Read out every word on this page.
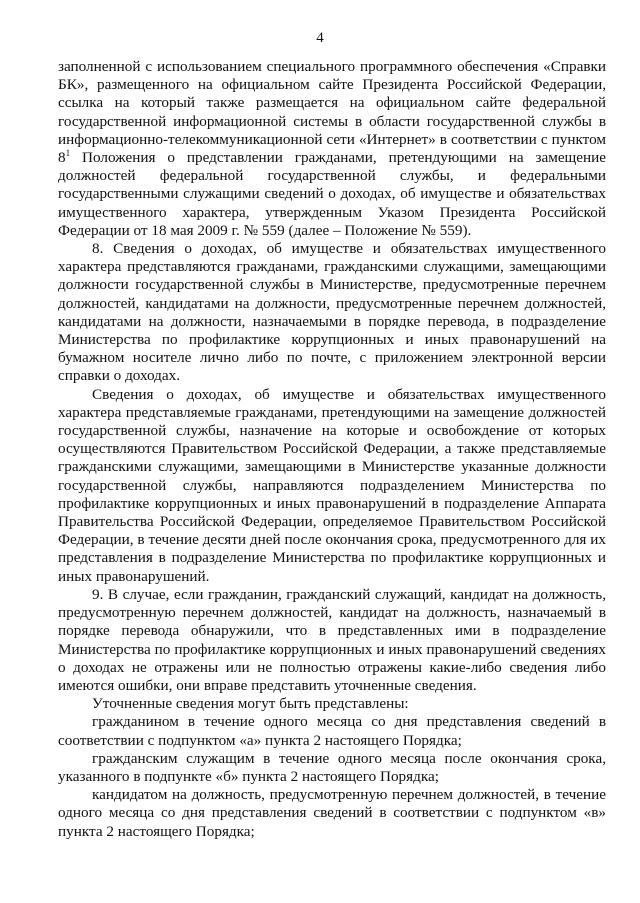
4

заполненной с использованием специального программного обеспечения «Справки БК», размещенного на официальном сайте Президента Российской Федерации, ссылка на который также размещается на официальном сайте федеральной государственной информационной системы в области государственной службы в информационно-телекоммуникационной сети «Интернет» в соответствии с пунктом $8^1$ Положения о представлении гражданами, претендующими на замещение должностей федеральной государственной службы, и федеральными государственными служащими сведений о доходах, об имуществе и обязательствах имущественного характера, утвержденным Указом Президента Российской Федерации от 18 мая 2009 г. № 559 (далее – Положение № 559).

8. Сведения о доходах, об имуществе и обязательствах имущественного характера представляются гражданами, гражданскими служащими, замещающими должности государственной службы в Министерстве, предусмотренные перечнем должностей, кандидатами на должности, предусмотренные перечнем должностей, кандидатами на должности, назначаемыми в порядке перевода, в подразделение Министерства по профилактике коррупционных и иных правонарушений на бумажном носителе лично либо по почте, с приложением электронной версии справки о доходах.

Сведения о доходах, об имуществе и обязательствах имущественного характера представляемые гражданами, претендующими на замещение должностей государственной службы, назначение на которые и освобождение от которых осуществляются Правительством Российской Федерации, а также представляемые гражданскими служащими, замещающими в Министерстве указанные должности государственной службы, направляются подразделением Министерства по профилактике коррупционных и иных правонарушений в подразделение Аппарата Правительства Российской Федерации, определяемое Правительством Российской Федерации, в течение десяти дней после окончания срока, предусмотренного для их представления в подразделение Министерства по профилактике коррупционных и иных правонарушений.

9. В случае, если гражданин, гражданский служащий, кандидат на должность, предусмотренную перечнем должностей, кандидат на должность, назначаемый в порядке перевода обнаружили, что в представленных ими в подразделение Министерства по профилактике коррупционных и иных правонарушений сведениях о доходах не отражены или не полностью отражены какие-либо сведения либо имеются ошибки, они вправе представить уточненные сведения.

Уточненные сведения могут быть представлены:

гражданином в течение одного месяца со дня представления сведений в соответствии с подпунктом «а» пункта 2 настоящего Порядка;

гражданским служащим в течение одного месяца после окончания срока, указанного в подпункте «б» пункта 2 настоящего Порядка;

кандидатом на должность, предусмотренную перечнем должностей, в течение одного месяца со дня представления сведений в соответствии с подпунктом «в» пункта 2 настоящего Порядка;
